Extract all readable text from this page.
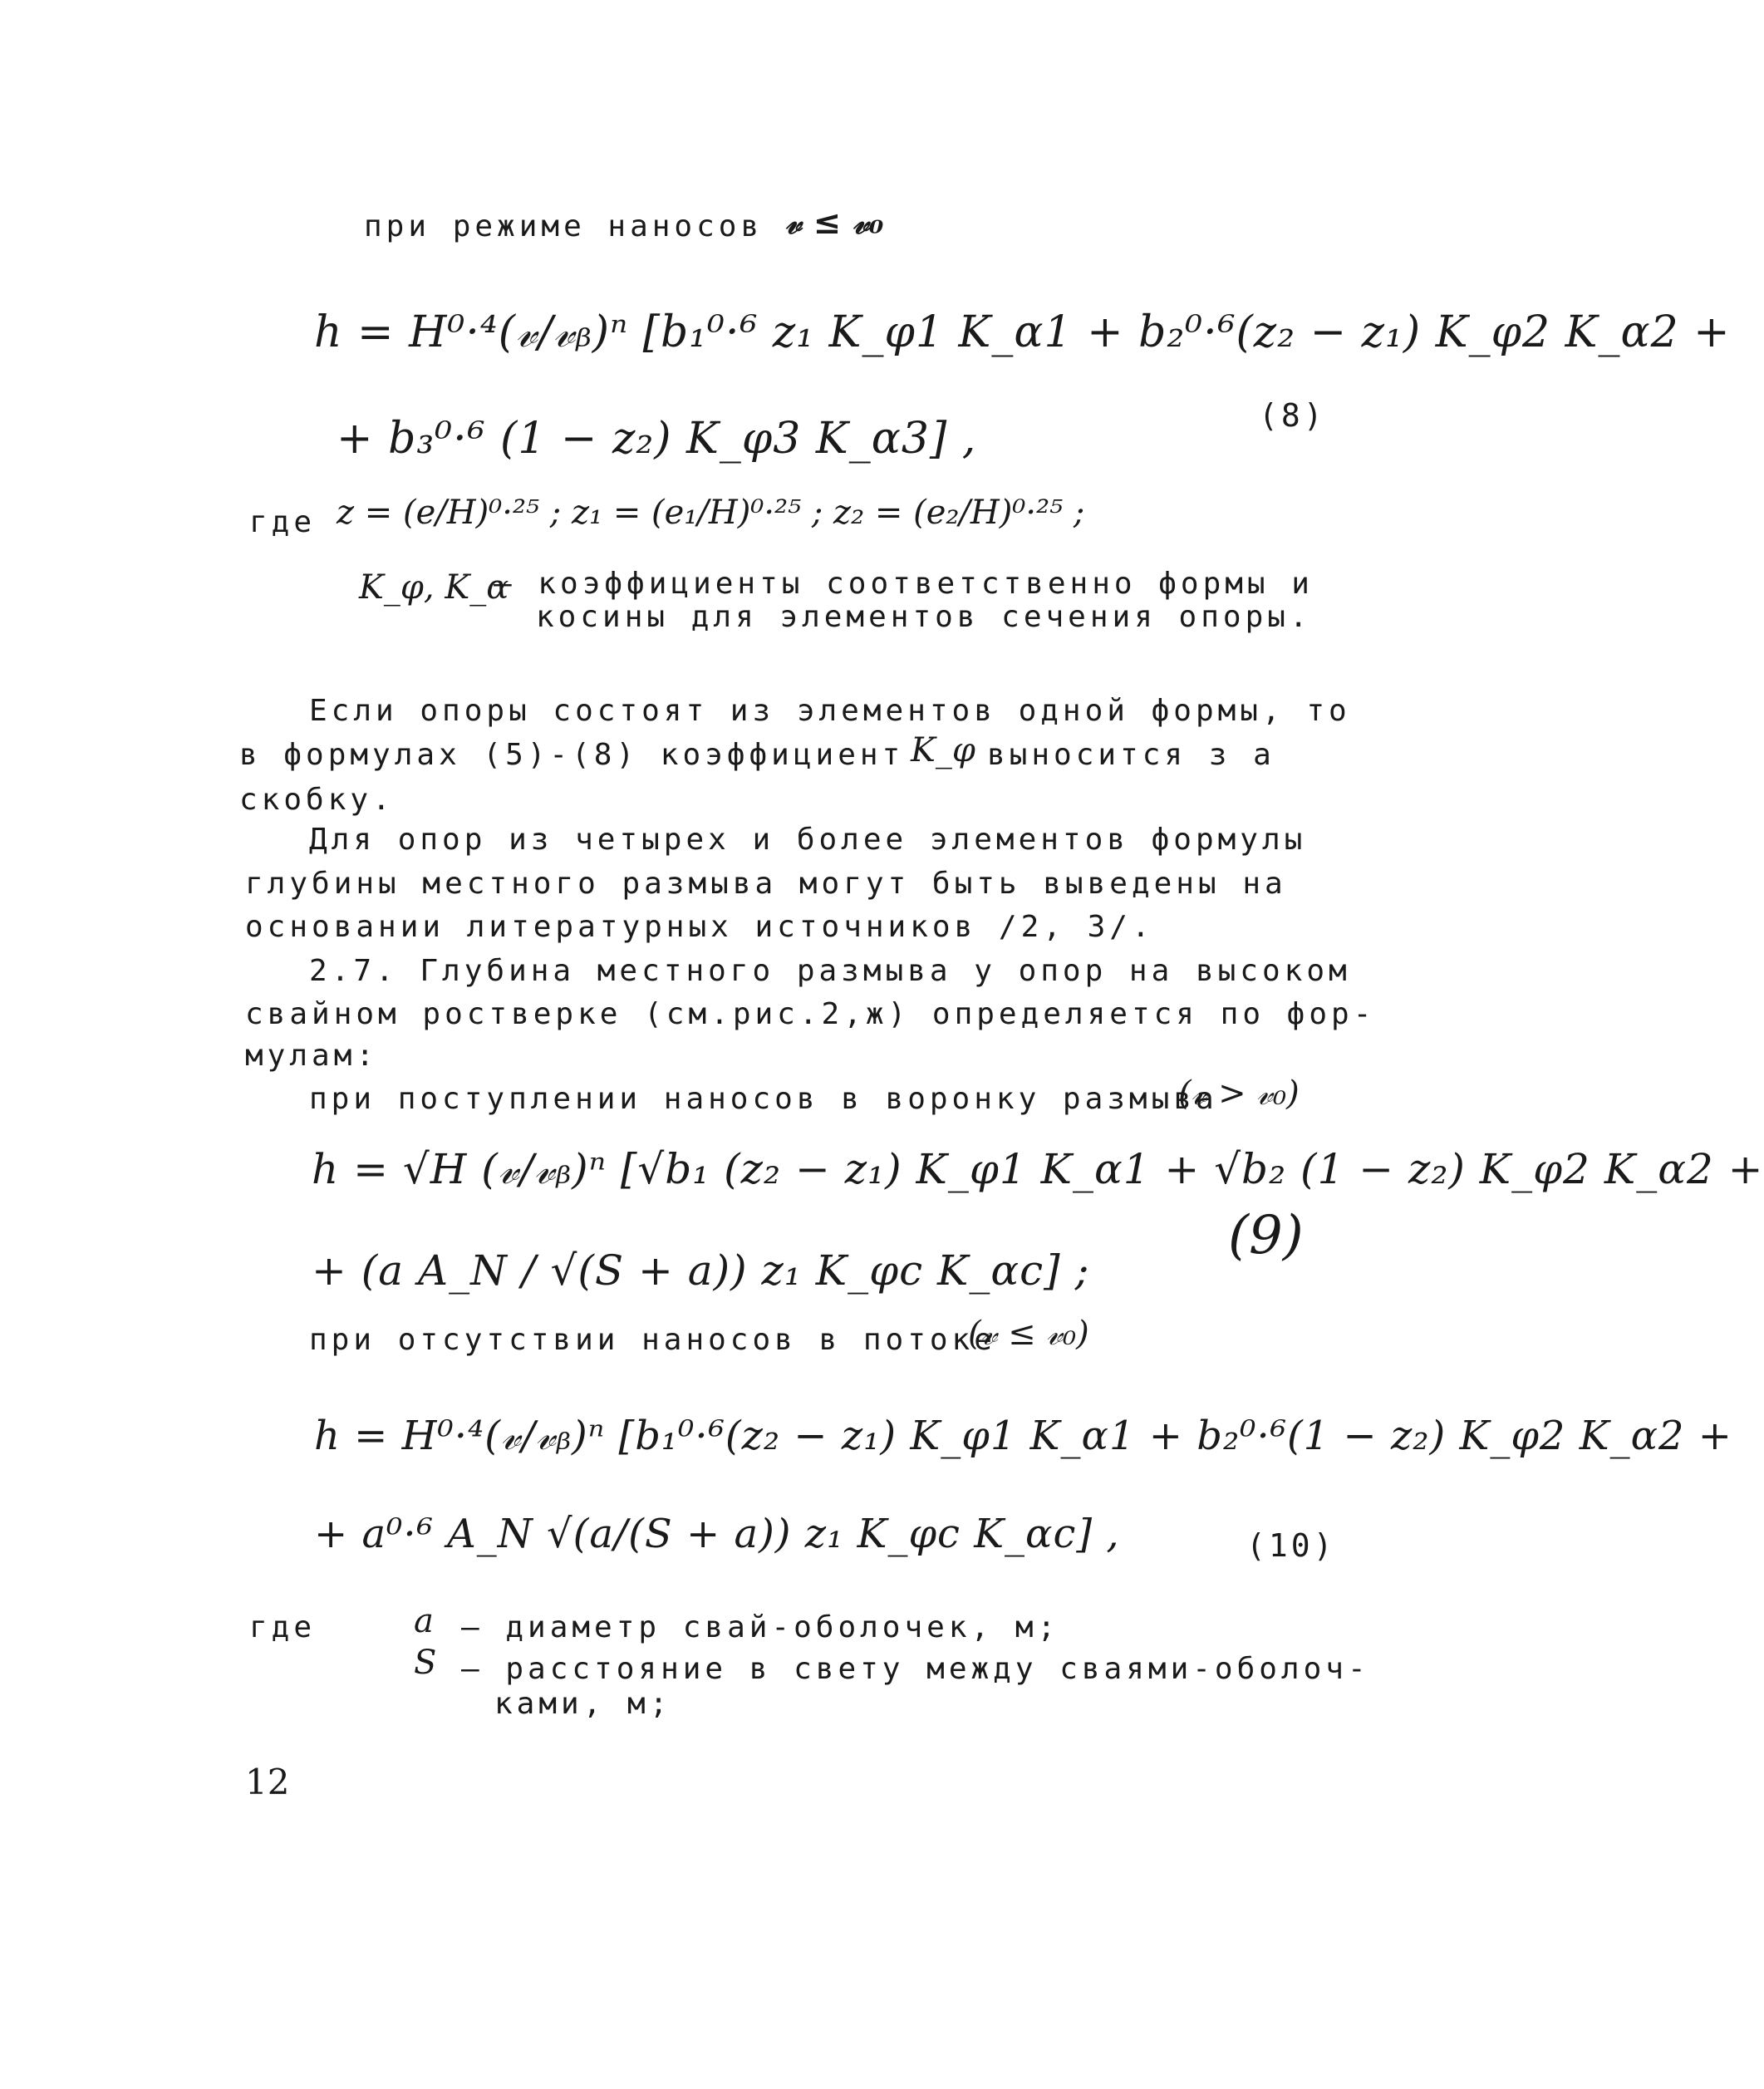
при режиме наносов 𝓋 ≤ 𝓋₀
h = H⁰·⁴(𝓋/𝓋ᵦ)ⁿ [b₁⁰·⁶ z₁ K_φ1 K_α1 + b₂⁰·⁶(z₂ − z₁) K_φ2 K_α2 +
+ b₃⁰·⁶ (1 − z₂) K_φ3 K_α3] ,	(8)
где z = (e/H)⁰·²⁵ ; z₁ = (e₁/H)⁰·²⁵ ; z₂ = (e₂/H)⁰·²⁵ ;
K_φ, K_α
– коэффициенты соответственно формы и
косины для элементов сечения опоры.
Если опоры состоят из элементов одной формы, то
в формулах (5)-(8) коэффициент K_φ выносится з а
скобку.
Для опор из четырех и более элементов формулы
глубины местного размыва могут быть выведены на
основании литературных источников /2, 3/.
2.7. Глубина местного размыва у опор на высоком
свайном ростверке (см.рис.2,ж) определяется по фор-
мулам:
при поступлении наносов в воронку размыва
(𝓋 > 𝓋₀)
h = √H (𝓋/𝓋ᵦ)ⁿ [√b₁ (z₂ − z₁) K_φ1 K_α1 + √b₂ (1 − z₂) K_φ2 K_α2 +
+ (a A_N / √(S + a)) z₁ K_φc K_αc] ;
(9)
при отсутствии наносов в потоке
(𝓋 ≤ 𝓋₀)
h = H⁰·⁴(𝓋/𝓋ᵦ)ⁿ [b₁⁰·⁶(z₂ − z₁) K_φ1 K_α1 + b₂⁰·⁶(1 − z₂) K_φ2 K_α2 +
+ a⁰·⁶ A_N √(a/(S + a)) z₁ K_φc K_αc] ,	(10)
где	a – диаметр свай-оболочек, м;
S – расстояние в свету между сваями-оболоч-
ками, м;
12
